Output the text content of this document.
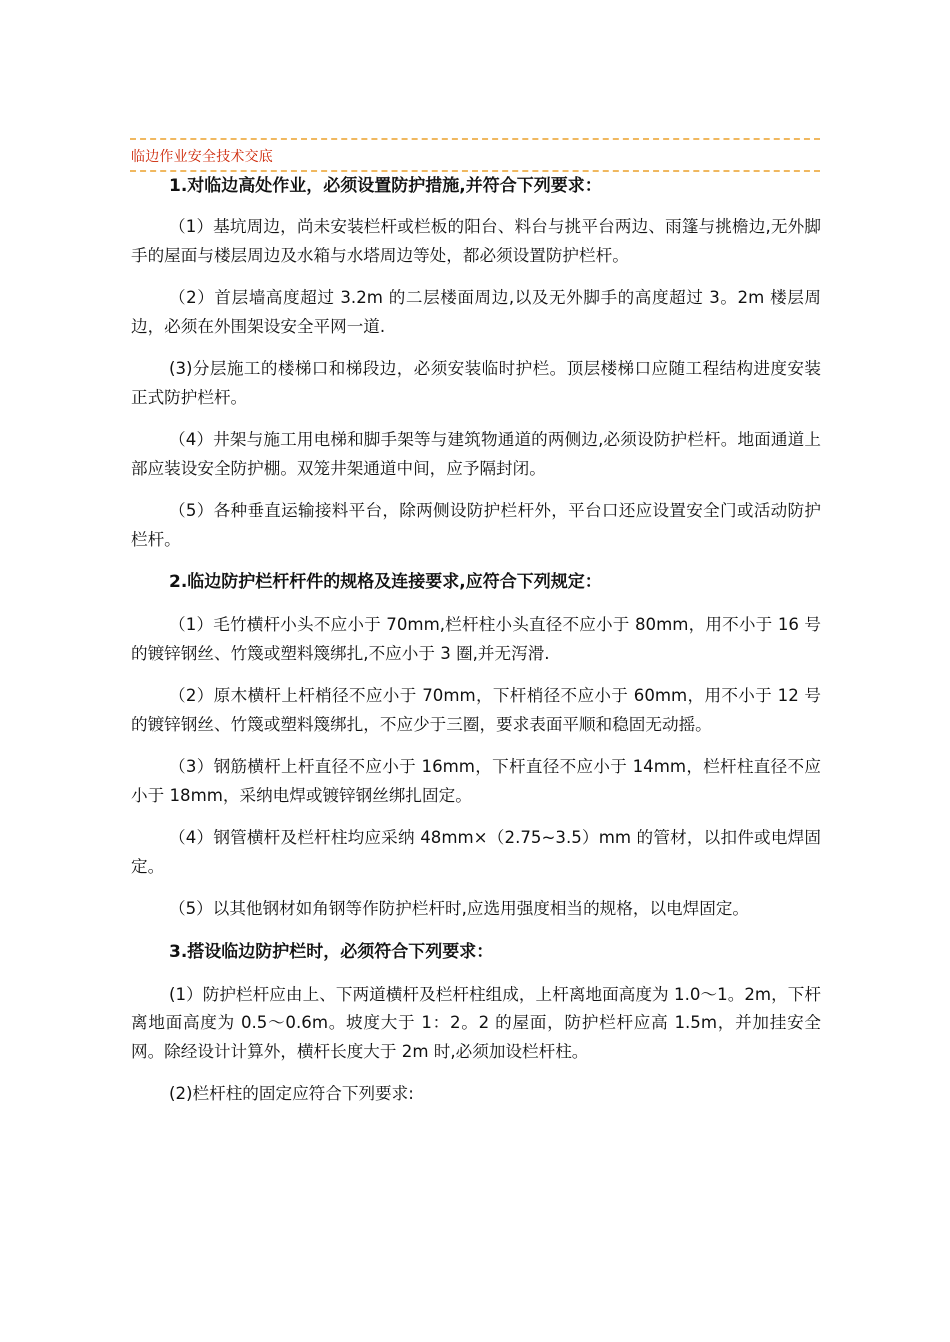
临边作业安全技术交底

1.对临边高处作业，必须设置防护措施,并符合下列要求：

（1）基坑周边，尚未安装栏杆或栏板的阳台、料台与挑平台两边、雨篷与挑檐边,无外脚手的屋面与楼层周边及水箱与水塔周边等处，都必须设置防护栏杆。

（2）首层墙高度超过 3.2m 的二层楼面周边,以及无外脚手的高度超过 3。2m 楼层周边，必须在外围架设安全平网一道.

(3)分层施工的楼梯口和梯段边，必须安装临时护栏。顶层楼梯口应随工程结构进度安装正式防护栏杆。

（4）井架与施工用电梯和脚手架等与建筑物通道的两侧边,必须设防护栏杆。地面通道上部应装设安全防护棚。双笼井架通道中间，应予隔封闭。

（5）各种垂直运输接料平台，除两侧设防护栏杆外，平台口还应设置安全门或活动防护栏杆。

2.临边防护栏杆杆件的规格及连接要求,应符合下列规定：

（1）毛竹横杆小头不应小于 70mm,栏杆柱小头直径不应小于 80mm，用不小于 16 号的镀锌钢丝、竹篾或塑料篾绑扎,不应小于 3 圈,并无泻滑.

（2）原木横杆上杆梢径不应小于 70mm，下杆梢径不应小于 60mm，用不小于 12 号的镀锌钢丝、竹篾或塑料篾绑扎，不应少于三圈，要求表面平顺和稳固无动摇。

（3）钢筋横杆上杆直径不应小于 16mm，下杆直径不应小于 14mm，栏杆柱直径不应小于 18mm，采纳电焊或镀锌钢丝绑扎固定。

（4）钢管横杆及栏杆柱均应采纳 48mm×（2.75~3.5）mm 的管材，以扣件或电焊固定。

（5）以其他钢材如角钢等作防护栏杆时,应选用强度相当的规格，以电焊固定。

3.搭设临边防护栏时，必须符合下列要求：

(1）防护栏杆应由上、下两道横杆及栏杆柱组成，上杆离地面高度为 1.0～1。2m，下杆离地面高度为 0.5～0.6m。坡度大于 1：2。2 的屋面，防护栏杆应高 1.5m，并加挂安全网。除经设计计算外，横杆长度大于 2m 时,必须加设栏杆柱。

(2)栏杆柱的固定应符合下列要求:
